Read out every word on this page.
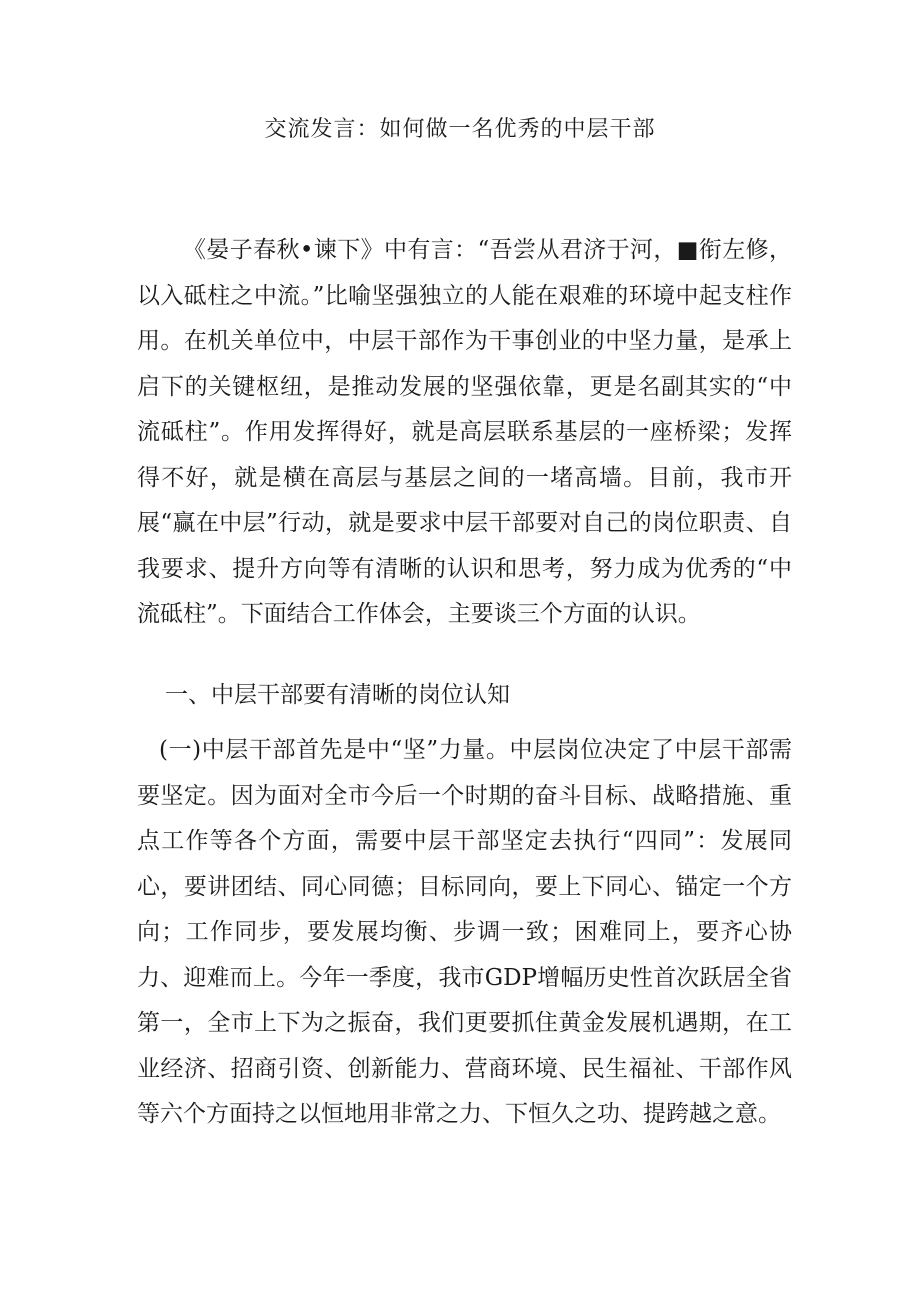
交流发言：如何做一名优秀的中层干部

《晏子春秋•谏下》中有言：“吾尝从君济于河，■衔左修，以入砥柱之中流。”比喻坚强独立的人能在艰难的环境中起支柱作用。在机关单位中，中层干部作为干事创业的中坚力量，是承上启下的关键枢纽，是推动发展的坚强依靠，更是名副其实的“中流砥柱”。作用发挥得好，就是高层联系基层的一座桥梁；发挥得不好，就是横在高层与基层之间的一堵高墙。目前，我市开展“赢在中层”行动，就是要求中层干部要对自己的岗位职责、自我要求、提升方向等有清晰的认识和思考，努力成为优秀的“中流砥柱”。下面结合工作体会，主要谈三个方面的认识。

一、中层干部要有清晰的岗位认知

(一)中层干部首先是中“坚”力量。中层岗位决定了中层干部需要坚定。因为面对全市今后一个时期的奋斗目标、战略措施、重点工作等各个方面，需要中层干部坚定去执行“四同”：发展同心，要讲团结、同心同德；目标同向，要上下同心、锚定一个方向；工作同步，要发展均衡、步调一致；困难同上，要齐心协力、迎难而上。今年一季度，我市GDP增幅历史性首次跃居全省第一，全市上下为之振奋，我们更要抓住黄金发展机遇期，在工业经济、招商引资、创新能力、营商环境、民生福祉、干部作风等六个方面持之以恒地用非常之力、下恒久之功、提跨越之意。
